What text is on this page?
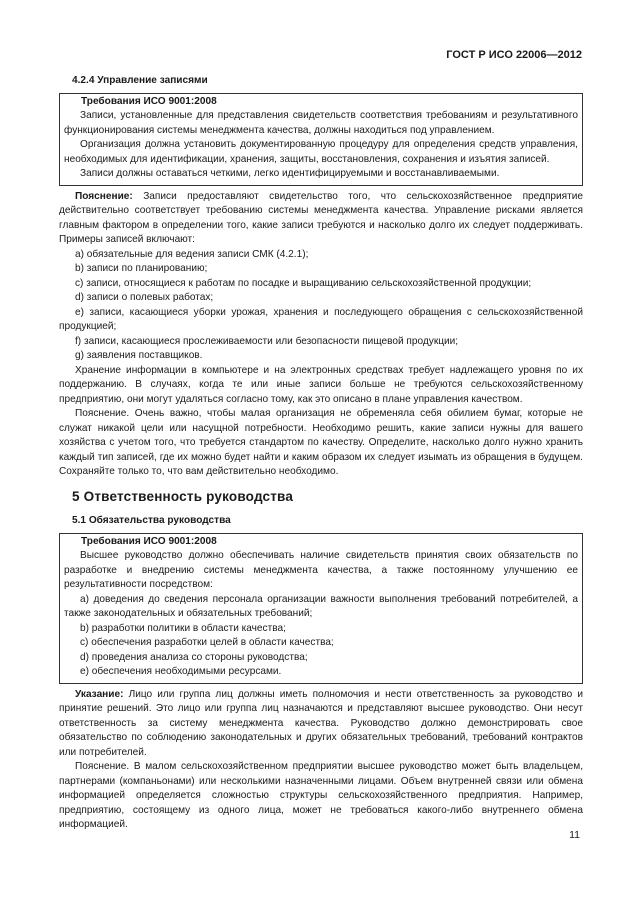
ГОСТ Р ИСО 22006—2012
4.2.4 Управление записями

Требования ИСО 9001:2008

Записи, установленные для представления свидетельств соответствия требованиям и результативного функционирования системы менеджмента качества, должны находиться под управлением.

Организация должна установить документированную процедуру для определения средств управления, необходимых для идентификации, хранения, защиты, восстановления, сохранения и изъятия записей.

Записи должны оставаться четкими, легко идентифицируемыми и восстанавливаемыми.

Пояснение: Записи предоставляют свидетельство того, что сельскохозяйственное предприятие действительно соответствует требованию системы менеджмента качества. Управление рисками является главным фактором в определении того, какие записи требуются и насколько долго их следует поддерживать. Примеры записей включают:

a) обязательные для ведения записи СМК (4.2.1);

b) записи по планированию;

c) записи, относящиеся к работам по посадке и выращиванию сельскохозяйственной продукции;

d) записи о полевых работах;

e) записи, касающиеся уборки урожая, хранения и последующего обращения с сельскохозяйственной продукцией;

f) записи, касающиеся прослеживаемости или безопасности пищевой продукции;

g) заявления поставщиков.

Хранение информации в компьютере и на электронных средствах требует надлежащего уровня по их поддержанию. В случаях, когда те или иные записи больше не требуются сельскохозяйственному предприятию, они могут удаляться согласно тому, как это описано в плане управления качеством.

Пояснение. Очень важно, чтобы малая организация не обременяла себя обилием бумаг, которые не служат никакой цели или насущной потребности. Необходимо решить, какие записи нужны для вашего хозяйства с учетом того, что требуется стандартом по качеству. Определите, насколько долго нужно хранить каждый тип записей, где их можно будет найти и каким образом их следует изымать из обращения в будущем. Сохраняйте только то, что вам действительно необходимо.

5 Ответственность руководства
5.1 Обязательства руководства

Требования ИСО 9001:2008

Высшее руководство должно обеспечивать наличие свидетельств принятия своих обязательств по разработке и внедрению системы менеджмента качества, а также постоянному улучшению ее результативности посредством:

a) доведения до сведения персонала организации важности выполнения требований потребителей, а также законодательных и обязательных требований;

b) разработки политики в области качества;

c) обеспечения разработки целей в области качества;

d) проведения анализа со стороны руководства;

e) обеспечения необходимыми ресурсами.

Указание: Лицо или группа лиц должны иметь полномочия и нести ответственность за руководство и принятие решений. Это лицо или группа лиц назначаются и представляют высшее руководство. Они несут ответственность за систему менеджмента качества. Руководство должно демонстрировать свое обязательство по соблюдению законодательных и других обязательных требований, требований контрактов или потребителей.

Пояснение. В малом сельскохозяйственном предприятии высшее руководство может быть владельцем, партнерами (компаньонами) или несколькими назначенными лицами. Объем внутренней связи или обмена информацией определяется сложностью структуры сельскохозяйственного предприятия. Например, предприятию, состоящему из одного лица, может не требоваться какого-либо внутреннего обмена информацией.

11
